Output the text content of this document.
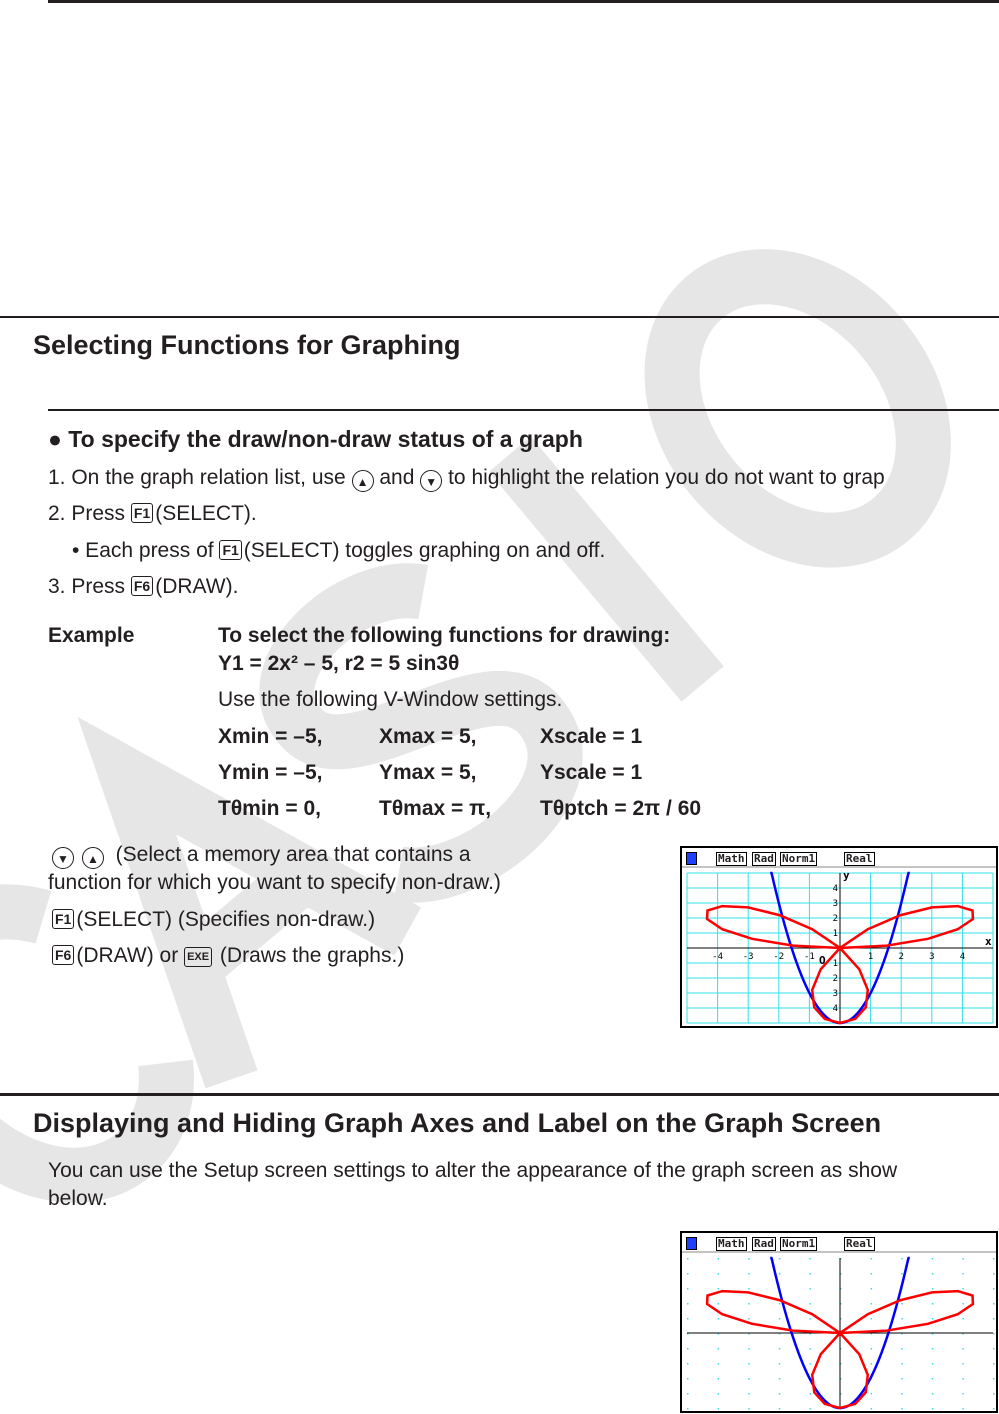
Selecting Functions for Graphing
● To specify the draw/non-draw status of a graph
1. On the graph relation list, use ▲ and ▼ to highlight the relation you do not want to grap
2. Press F1 (SELECT).
• Each press of F1 (SELECT) toggles graphing on and off.
3. Press F6 (DRAW).
Example	To select the following functions for drawing:
Y1 = 2x² – 5, r2 = 5 sin3θ
Use the following V-Window settings.
Xmin = –5,	Xmax = 5,	Xscale = 1
Ymin = –5,	Ymax = 5,	Yscale = 1
Tθmin = 0,	Tθmax = π, Tθptch = 2π / 60
▼ ▲ (Select a memory area that contains a
function for which you want to specify non-draw.)
F1 (SELECT) (Specifies non-draw.)
F6 (DRAW) or EXE (Draws the graphs.)
Math Rad Norm1	Real
-4 -3 -2 -1	1	2	3	4
4
3
2
1
1
2
3
4
x
y
O
Displaying and Hiding Graph Axes and Label on the Graph Screen
You can use the Setup screen settings to alter the appearance of the graph screen as show
below.
Math Rad Norm1	Real
